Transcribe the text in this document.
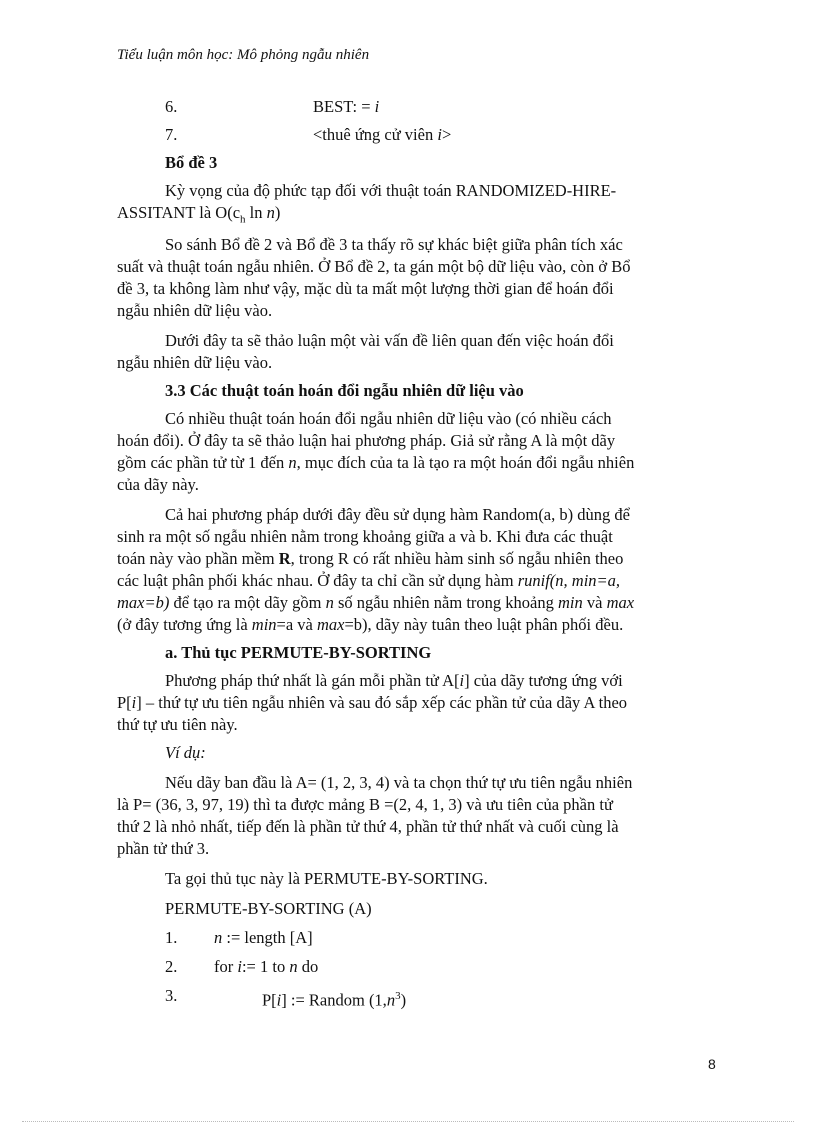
Tiểu luận môn học: Mô phỏng ngẫu nhiên
6.	BEST: = i
7.	<thuê ứng cử viên i>
Bổ đề 3
Kỳ vọng của độ phức tạp đối với thuật toán RANDOMIZED-HIRE-
ASSITANT là $O(c_h$ ln n)
So sánh Bổ đề 2 và Bổ đề 3 ta thấy rõ sự khác biệt giữa phân tích xác
suất và thuật toán ngẫu nhiên. Ở Bổ đề 2, ta gán một bộ dữ liệu vào, còn ở Bổ
đề 3, ta không làm như vậy, mặc dù ta mất một lượng thời gian để hoán đổi
ngẫu nhiên dữ liệu vào.
Dưới đây ta sẽ thảo luận một vài vấn đề liên quan đến việc hoán đổi
ngẫu nhiên dữ liệu vào.
3.3 Các thuật toán hoán đổi ngẫu nhiên dữ liệu vào
Có nhiều thuật toán hoán đổi ngẫu nhiên dữ liệu vào (có nhiều cách
hoán đổi). Ở đây ta sẽ thảo luận hai phương pháp. Giả sử rằng A là một dãy
gồm các phần tử từ 1 đến n, mục đích của ta là tạo ra một hoán đổi ngẫu nhiên
của dãy này.
Cả hai phương pháp dưới đây đều sử dụng hàm Random(a, b) dùng để
sinh ra một số ngẫu nhiên nằm trong khoảng giữa a và b. Khi đưa các thuật
toán này vào phần mềm R, trong R có rất nhiều hàm sinh số ngẫu nhiên theo
các luật phân phối khác nhau. Ở đây ta chỉ cần sử dụng hàm runif(n, min=a,
max=b) để tạo ra một dãy gồm n số ngẫu nhiên nằm trong khoảng min và max
(ở đây tương ứng là min=a và max=b), dãy này tuân theo luật phân phối đều.
a. Thủ tục PERMUTE-BY-SORTING
Phương pháp thứ nhất là gán mỗi phần tử A[i] của dãy tương ứng với
P[i] – thứ tự ưu tiên ngẫu nhiên và sau đó sắp xếp các phần tử của dãy A theo
thứ tự ưu tiên này.
Ví dụ:
Nếu dãy ban đầu là A= (1, 2, 3, 4) và ta chọn thứ tự ưu tiên ngẫu nhiên
là P= (36, 3, 97, 19) thì ta được mảng B =(2, 4, 1, 3) và ưu tiên của phần tử
thứ 2 là nhỏ nhất, tiếp đến là phần tử thứ 4, phần tử thứ nhất và cuối cùng là
phần tử thứ 3.
Ta gọi thủ tục này là PERMUTE-BY-SORTING.
PERMUTE-BY-SORTING (A)
1. n := length [A]
2. for i:= 1 to n do
3.	P[i] := Random $(1,n^3)$
8
